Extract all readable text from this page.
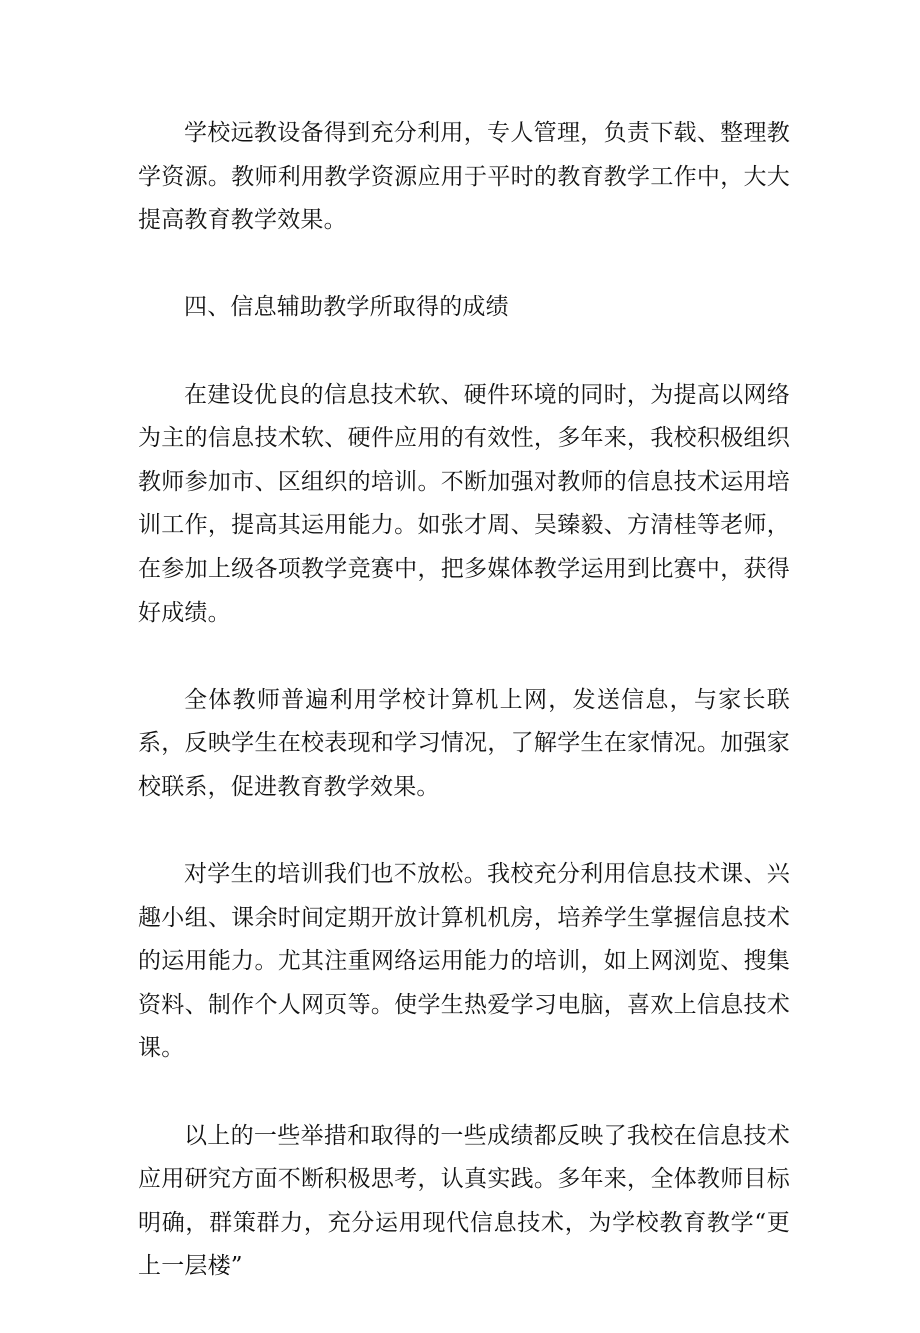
学校远教设备得到充分利用，专人管理，负责下载、整理教学资源。教师利用教学资源应用于平时的教育教学工作中，大大提高教育教学效果。

四、信息辅助教学所取得的成绩

在建设优良的信息技术软、硬件环境的同时，为提高以网络为主的信息技术软、硬件应用的有效性，多年来，我校积极组织教师参加市、区组织的培训。不断加强对教师的信息技术运用培训工作，提高其运用能力。如张才周、吴臻毅、方清桂等老师，在参加上级各项教学竞赛中，把多媒体教学运用到比赛中，获得好成绩。

全体教师普遍利用学校计算机上网，发送信息，与家长联系，反映学生在校表现和学习情况，了解学生在家情况。加强家校联系，促进教育教学效果。

对学生的培训我们也不放松。我校充分利用信息技术课、兴趣小组、课余时间定期开放计算机机房，培养学生掌握信息技术的运用能力。尤其注重网络运用能力的培训，如上网浏览、搜集资料、制作个人网页等。使学生热爱学习电脑，喜欢上信息技术课。

以上的一些举措和取得的一些成绩都反映了我校在信息技术应用研究方面不断积极思考，认真实践。多年来，全体教师目标明确，群策群力，充分运用现代信息技术，为学校教育教学“更上一层楼”
